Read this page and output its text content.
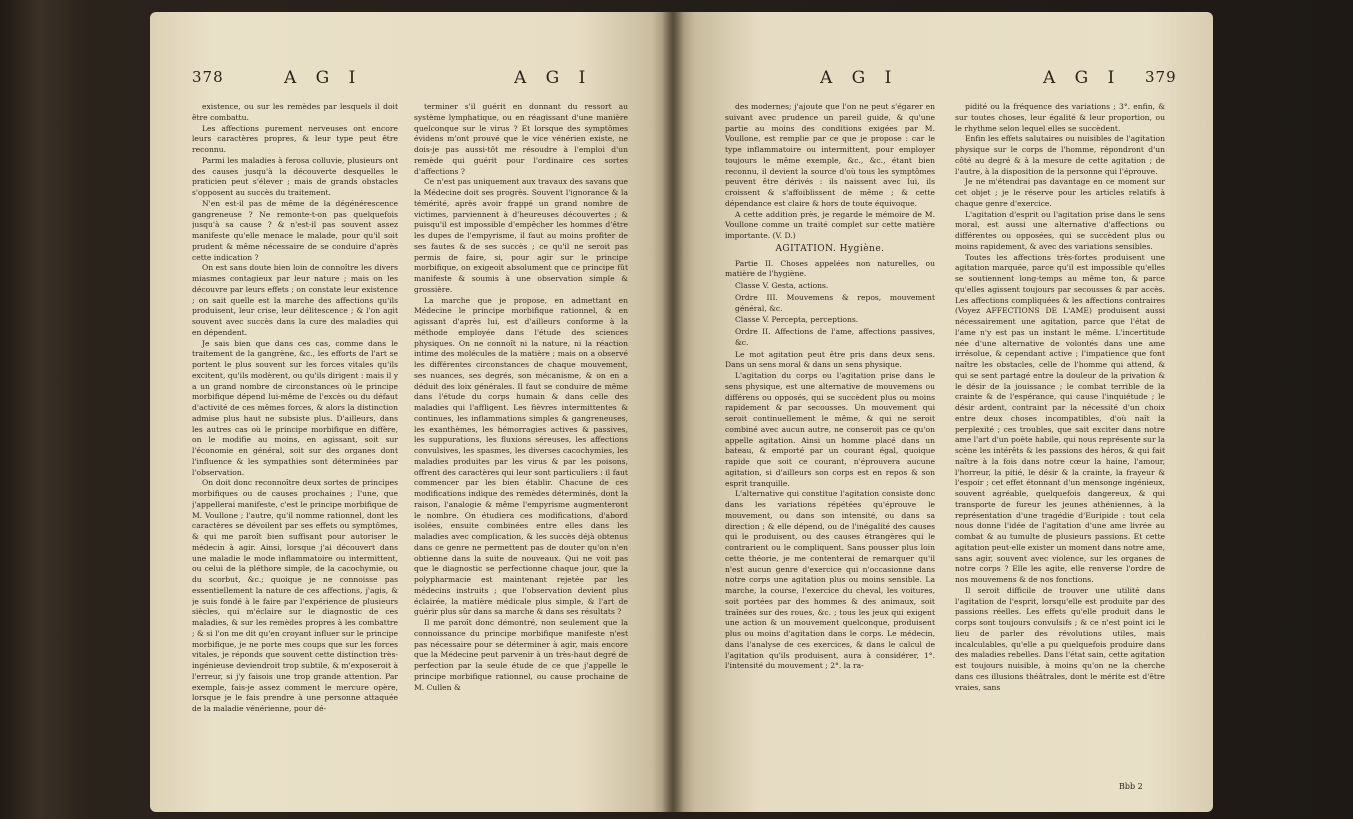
378	A G I	A G I

existence, ou sur les remèdes par lesquels il doit être combattu.

Les affections purement nerveuses ont encore leurs caractères propres, & leur type peut être reconnu.

Parmi les maladies à ferosa colluvie, plusieurs ont des causes jusqu'à la découverte desquelles le praticien peut s'élever ; mais de grands obstacles s'opposent au succès du traitement.

N'en est-il pas de même de la dégénérescence gangreneuse ? Ne remonte-t-on pas quelquefois jusqu'à sa cause ? & n'est-il pas souvent assez manifeste qu'elle menace le malade, pour qu'il soit prudent & même nécessaire de se conduire d'après cette indication ?

On est sans doute bien loin de connoître les divers miasmes contagieux par leur nature ; mais on les découvre par leurs effets ; on constate leur existence ; on sait quelle est la marche des affections qu'ils produisent, leur crise, leur délitescence ; & l'on agit souvent avec succès dans la cure des maladies qui en dépendent.

Je sais bien que dans ces cas, comme dans le traitement de la gangrène, &c., les efforts de l'art se portent le plus souvent sur les forces vitales qu'ils excitent, qu'ils modèrent, ou qu'ils dirigent : mais il y a un grand nombre de circonstances où le principe morbifique dépend lui-même de l'excès ou du défaut d'activité de ces mêmes forces, & alors la distinction admise plus haut ne subsiste plus. D'ailleurs, dans les autres cas où le principe morbifique en diffère, on le modifie au moins, en agissant, soit sur l'économie en général, soit sur des organes dont l'influence & les sympathies sont déterminées par l'observation.

On doit donc reconnoître deux sortes de principes morbifiques ou de causes prochaines ; l'une, que j'appellerai manifeste, c'est le principe morbifique de M. Voullone ; l'autre, qu'il nomme rationnel, dont les caractères se dévoilent par ses effets ou symptômes, & qui me paroît bien suffisant pour autoriser le médecin à agir. Ainsi, lorsque j'ai découvert dans une maladie le mode inflammatoire ou intermittent, ou celui de la pléthore simple, de la cacochymie, ou du scorbut, &c.; quoique je ne connoisse pas essentiellement la nature de ces affections, j'agis, & je suis fondé à le faire par l'expérience de plusieurs siècles, qui m'éclaire sur le diagnostic de ces maladies, & sur les remèdes propres à les combattre ; & si l'on me dit qu'en croyant influer sur le principe morbifique, je ne porte mes coups que sur les forces vitales, je réponds que souvent cette distinction très-ingénieuse deviendroit trop subtile, & m'exposeroit à l'erreur, si j'y faisois une trop grande attention. Par exemple, fais-je assez comment le mercure opère, lorsque je le fais prendre à une personne attaquée de la maladie vénérienne, pour dé-

terminer s'il guérit en donnant du ressort au système lymphatique, ou en réagissant d'une manière quelconque sur le virus ? Et lorsque des symptômes évidens m'ont prouvé que le vice vénérien existe, ne dois-je pas aussi-tôt me résoudre à l'emploi d'un remède qui guérit pour l'ordinaire ces sortes d'affections ?

Ce n'est pas uniquement aux travaux des savans que la Médecine doit ses progrès. Souvent l'ignorance & la témérité, après avoir frappé un grand nombre de victimes, parviennent à d'heureuses découvertes ; & puisqu'il est impossible d'empêcher les hommes d'être les dupes de l'empyrisme, il faut au moins profiter de ses fautes & de ses succès ; ce qu'il ne seroit pas permis de faire, si, pour agir sur le principe morbifique, on exigeoit absolument que ce principe fût manifeste & soumis à une observation simple & grossière.

La marche que je propose, en admettant en Médecine le principe morbifique rationnel, & en agissant d'après lui, est d'ailleurs conforme à la méthode employée dans l'étude des sciences physiques. On ne connoît ni la nature, ni la réaction intime des molécules de la matière ; mais on a observé les différentes circonstances de chaque mouvement, ses nuances, ses degrés, son mécanisme, & on en a déduit des loix générales. Il faut se conduire de même dans l'étude du corps humain & dans celle des maladies qui l'affligent. Les fièvres intermittentes & continues, les inflammations simples & gangreneuses, les exanthèmes, les hémorragies actives & passives, les suppurations, les fluxions séreuses, les affections convulsives, les spasmes, les diverses cacochymies, les maladies produites par les virus & par les poisons, offrent des caractères qui leur sont particuliers : il faut commencer par les bien établir. Chacune de ces modifications indique des remèdes déterminés, dont la raison, l'analogie & même l'empyrisme augmenteront le nombre. On étudiera ces modifications, d'abord isolées, ensuite combinées entre elles dans les maladies avec complication, & les succès déjà obtenus dans ce genre ne permettent pas de douter qu'on n'en obtienne dans la suite de nouveaux. Qui ne voit pas que le diagnostic se perfectionne chaque jour, que la polypharmacie est maintenant rejetée par les médecins instruits ; que l'observation devient plus éclairée, la matière médicale plus simple, & l'art de guérir plus sûr dans sa marche & dans ses résultats ?

Il me paroît donc démontré, non seulement que la connoissance du principe morbifique manifeste n'est pas nécessaire pour se déterminer à agir, mais encore que la Médecine peut parvenir à un très-haut degré de perfection par la seule étude de ce que j'appelle le principe morbifique rationnel, ou cause prochaine de M. Cullen &

A G I	A G I 379

des modernes; j'ajoute que l'on ne peut s'égarer en suivant avec prudence un pareil guide, & qu'une partie au moins des conditions exigées par M. Voullone, est remplie par ce que je propose : car le type inflammatoire ou intermittent, pour employer toujours le même exemple, &c., &c., étant bien reconnu, il devient la source d'où tous les symptômes peuvent être dérivés : ils naissent avec lui, ils croissent & s'affoiblissent de même ; & cette dépendance est claire & hors de toute équivoque.

A cette addition près, je regarde le mémoire de M. Voullone comme un traité complet sur cette matière importante. (V. D.)

AGITATION. Hygiène.

Partie II. Choses appelées non naturelles, ou matière de l'hygiène.

Classe V. Gesta, actions.

Ordre III. Mouvemens & repos, mouvement général, &c.

Classe V. Percepta, perceptions.

Ordre II. Affections de l'ame, affections passives, &c.

Le mot agitation peut être pris dans deux sens. Dans un sens moral & dans un sens physique.

L'agitation du corps ou l'agitation prise dans le sens physique, est une alternative de mouvemens ou différens ou opposés, qui se succèdent plus ou moins rapidement & par secousses. Un mouvement qui seroit continuellement le même, & qui ne seroit combiné avec aucun autre, ne conseroit pas ce qu'on appelle agitation. Ainsi un homme placé dans un bateau, & emporté par un courant égal, quoique rapide que soit ce courant, n'éprouvera aucune agitation, si d'ailleurs son corps est en repos & son esprit tranquille.

L'alternative qui constitue l'agitation consiste donc dans les variations répétées qu'éprouve le mouvement, ou dans son intensité, ou dans sa direction ; & elle dépend, ou de l'inégalité des causes qui le produisent, ou des causes étrangères qui le contrarient ou le compliquent. Sans pousser plus loin cette théorie, je me contenterai de remarquer qu'il n'est aucun genre d'exercice qui n'occasionne dans notre corps une agitation plus ou moins sensible. La marche, la course, l'exercice du cheval, les voitures, soit portées par des hommes & des animaux, soit traînées sur des roues, &c. ; tous les jeux qui exigent une action & un mouvement quelconque, produisent plus ou moins d'agitation dans le corps. Le médecin, dans l'analyse de ces exercices, & dans le calcul de l'agitation qu'ils produisent, aura à considérer, 1°. l'intensité du mouvement ; 2°. la ra-

pidité ou la fréquence des variations ; 3°. enfin, & sur toutes choses, leur égalité & leur proportion, ou le rhythme selon lequel elles se succèdent.

Enfin les effets salutaires ou nuisibles de l'agitation physique sur le corps de l'homme, répondront d'un côté au degré & à la mesure de cette agitation ; de l'autre, à la disposition de la personne qui l'éprouve.

Je ne m'étendrai pas davantage en ce moment sur cet objet ; je le réserve pour les articles relatifs à chaque genre d'exercice.

L'agitation d'esprit ou l'agitation prise dans le sens moral, est aussi une alternative d'affections ou différentes ou opposées, qui se succèdent plus ou moins rapidement, & avec des variations sensibles.

Toutes les affections très-fortes produisent une agitation marquée, parce qu'il est impossible qu'elles se soutiennent long-temps au même ton, & parce qu'elles agissent toujours par secousses & par accès. Les affections compliquées & les affections contraires (Voyez AFFECTIONS DE L'AME) produisent aussi nécessairement une agitation, parce que l'état de l'ame n'y est pas un instant le même. L'incertitude née d'une alternative de volontés dans une ame irrésolue, & cependant active ; l'impatience que font naître les obstacles, celle de l'homme qui attend, & qui se sent partagé entre la douleur de la privation & le désir de la jouissance ; le combat terrible de la crainte & de l'espérance, qui cause l'inquiétude ; le désir ardent, contraint par la nécessité d'un choix entre deux choses incompatibles, d'où naît la perplexité ; ces troubles, que sait exciter dans notre ame l'art d'un poète habile, qui nous représente sur la scène les intérêts & les passions des héros, & qui fait naître à la fois dans notre cœur la haine, l'amour, l'horreur, la pitié, le désir & la crainte, la frayeur & l'espoir ; cet effet étonnant d'un mensonge ingénieux, souvent agréable, quelquefois dangereux, & qui transporte de fureur les jeunes athéniennes, à la représentation d'une tragédie d'Euripide : tout cela nous donne l'idée de l'agitation d'une ame livrée au combat & au tumulte de plusieurs passions. Et cette agitation peut-elle exister un moment dans notre ame, sans agir, souvent avec violence, sur les organes de notre corps ? Elle les agite, elle renverse l'ordre de nos mouvemens & de nos fonctions.

Il seroit difficile de trouver une utilité dans l'agitation de l'esprit, lorsqu'elle est produite par des passions réelles. Les effets qu'elle produit dans le corps sont toujours convulsifs ; & ce n'est point ici le lieu de parler des révolutions utiles, mais incalculables, qu'elle a pu quelquefois produire dans des maladies rebelles. Dans l'état sain, cette agitation est toujours nuisible, à moins qu'on ne la cherche dans ces illusions théâtrales, dont le mérite est d'être vraies, sans

Bbb 2
